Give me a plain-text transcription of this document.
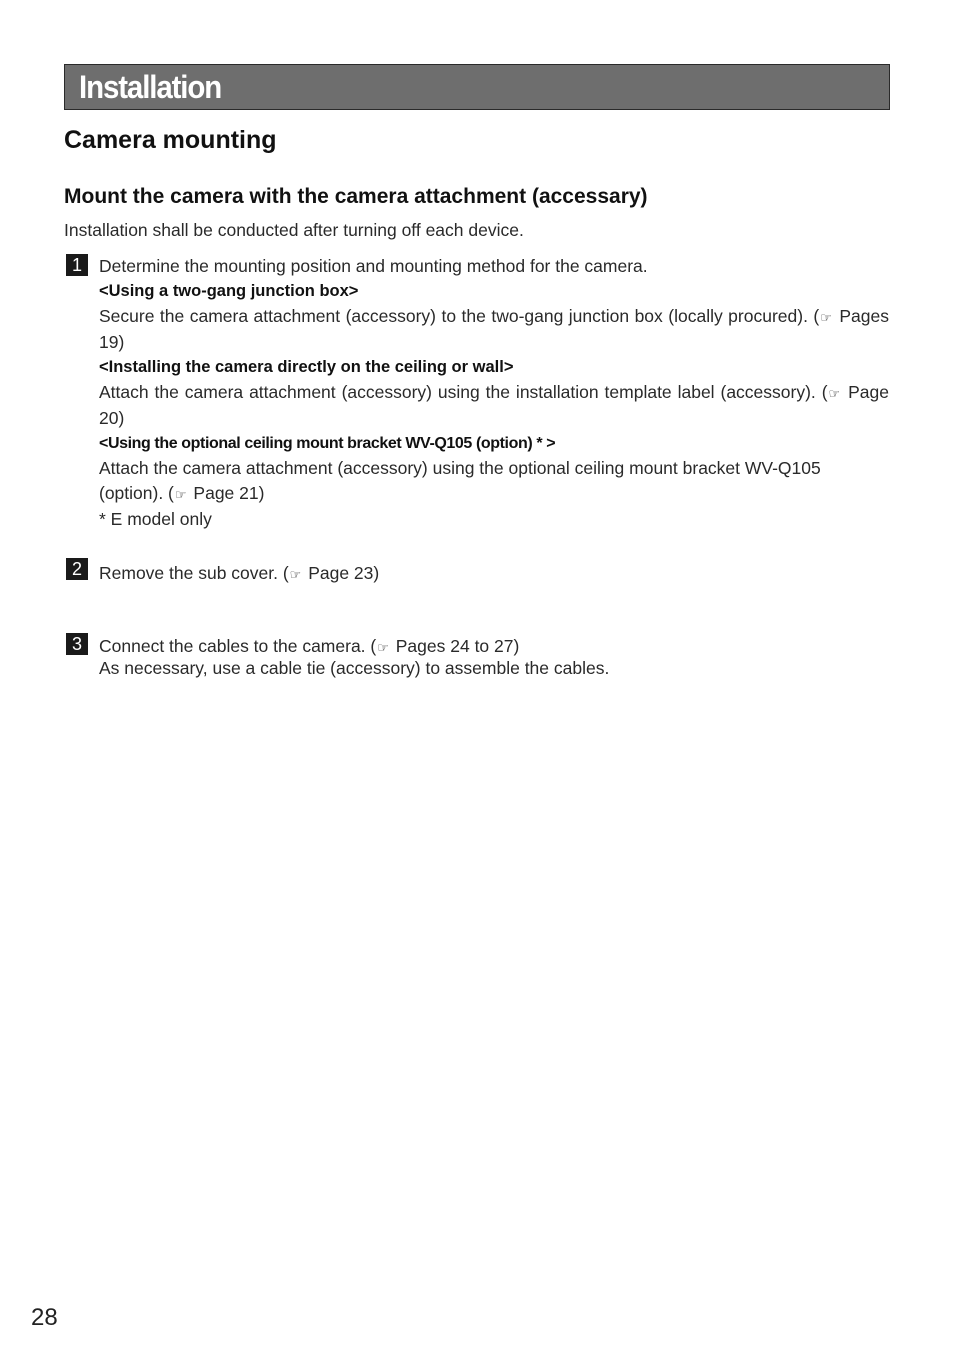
Installation
Camera mounting
Mount the camera with the camera attachment (accessary)
Installation shall be conducted after turning off each device.
1 Determine the mounting position and mounting method for the camera.

<Using a two-gang junction box>

Secure the camera attachment (accessory) to the two-gang junction box (locally procured). (☞ Pages 19)

<Installing the camera directly on the ceiling or wall>

Attach the camera attachment (accessory) using the installation template label (accessory). (☞ Page 20)

<Using the optional ceiling mount bracket WV-Q105 (option) * >

Attach the camera attachment (accessory) using the optional ceiling mount bracket WV-Q105 (option). (☞ Page 21)

* E model only

2 Remove the sub cover. (☞ Page 23)

3 Connect the cables to the camera. (☞ Pages 24 to 27)

As necessary, use a cable tie (accessory) to assemble the cables.

28
